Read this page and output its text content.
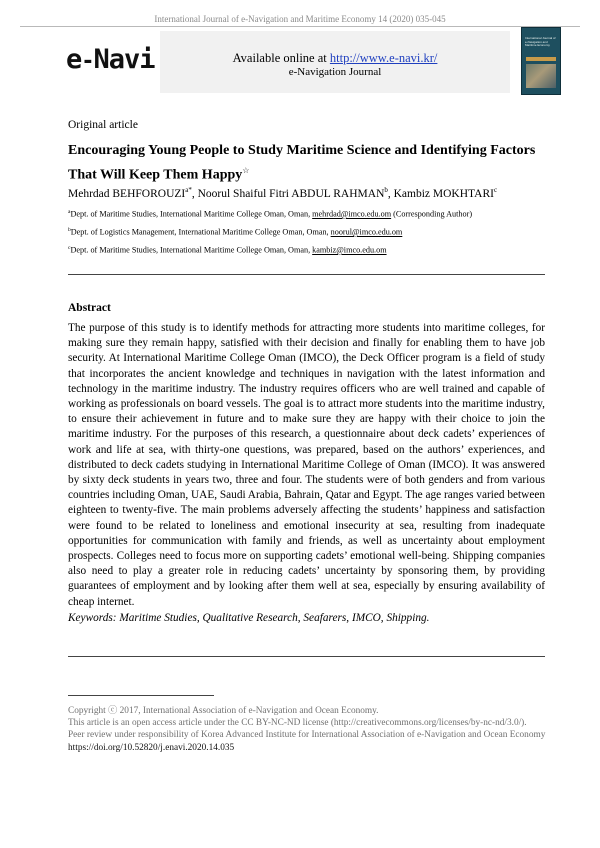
International Journal of e-Navigation and Maritime Economy 14 (2020) 035-045
e-Navi	Available online at http://www.e-navi.kr/
e-Navigation Journal
International Journal of e-Navigation and Maritime Economy
Original article
Encouraging Young People to Study Maritime Science and Identifying Factors That Will Keep Them Happy☆
Mehrdad $BEHFOROUZI^{a*}$, Noorul Shaiful Fitri ABDUL RAHMAN$^b$, Kambiz MOKHTARI$^c$
$^a$Dept. of Maritime Studies, International Maritime College Oman, Oman, mehrdad@imco.edu.om (Corresponding Author)
$^b$Dept. of Logistics Management, International Maritime College Oman, Oman, noorul@imco.edu.om
$^c$Dept. of Maritime Studies, International Maritime College Oman, Oman, kambiz@imco.edu.om
Abstract
The purpose of this study is to identify methods for attracting more students into maritime colleges, for making sure they remain happy, satisfied with their decision and finally for enabling them to have job security. At International Maritime College Oman (IMCO), the Deck Officer program is a field of study that incorporates the ancient knowledge and techniques in navigation with the latest information and technology in the maritime industry. The industry requires officers who are well trained and capable of working as professionals on board vessels. The goal is to attract more students into the maritime industry, to ensure their achievement in future and to make sure they are happy with their choice to join the maritime industry. For the purposes of this research, a questionnaire about deck cadets’ experiences of work and life at sea, with thirty-one questions, was prepared, based on the authors’ experiences, and distributed to deck cadets studying in International Maritime College of Oman (IMCO). It was answered by sixty deck students in years two, three and four. The students were of both genders and from various countries including Oman, UAE, Saudi Arabia, Bahrain, Qatar and Egypt. The age ranges varied between eighteen to twenty-five. The main problems adversely affecting the students’ happiness and satisfaction were found to be related to loneliness and emotional insecurity at sea, resulting from inadequate opportunities for communication with family and friends, as well as uncertainty about employment prospects. Colleges need to focus more on supporting cadets’ emotional well-being. Shipping companies also need to play a greater role in reducing cadets’ uncertainty by sponsoring them, by providing guarantees of employment and by looking after them well at sea, especially by ensuring availability of cheap internet.
Keywords: Maritime Studies, Qualitative Research, Seafarers, IMCO, Shipping.

Copyright ⓒ 2017, International Association of e-Navigation and Ocean Economy.

This article is an open access article under the CC BY-NC-ND license (http://creativecommons.org/licenses/by-nc-nd/3.0/).

Peer review under responsibility of Korea Advanced Institute for International Association of e-Navigation and Ocean Economy

https://doi.org/10.52820/j.enavi.2020.14.035
